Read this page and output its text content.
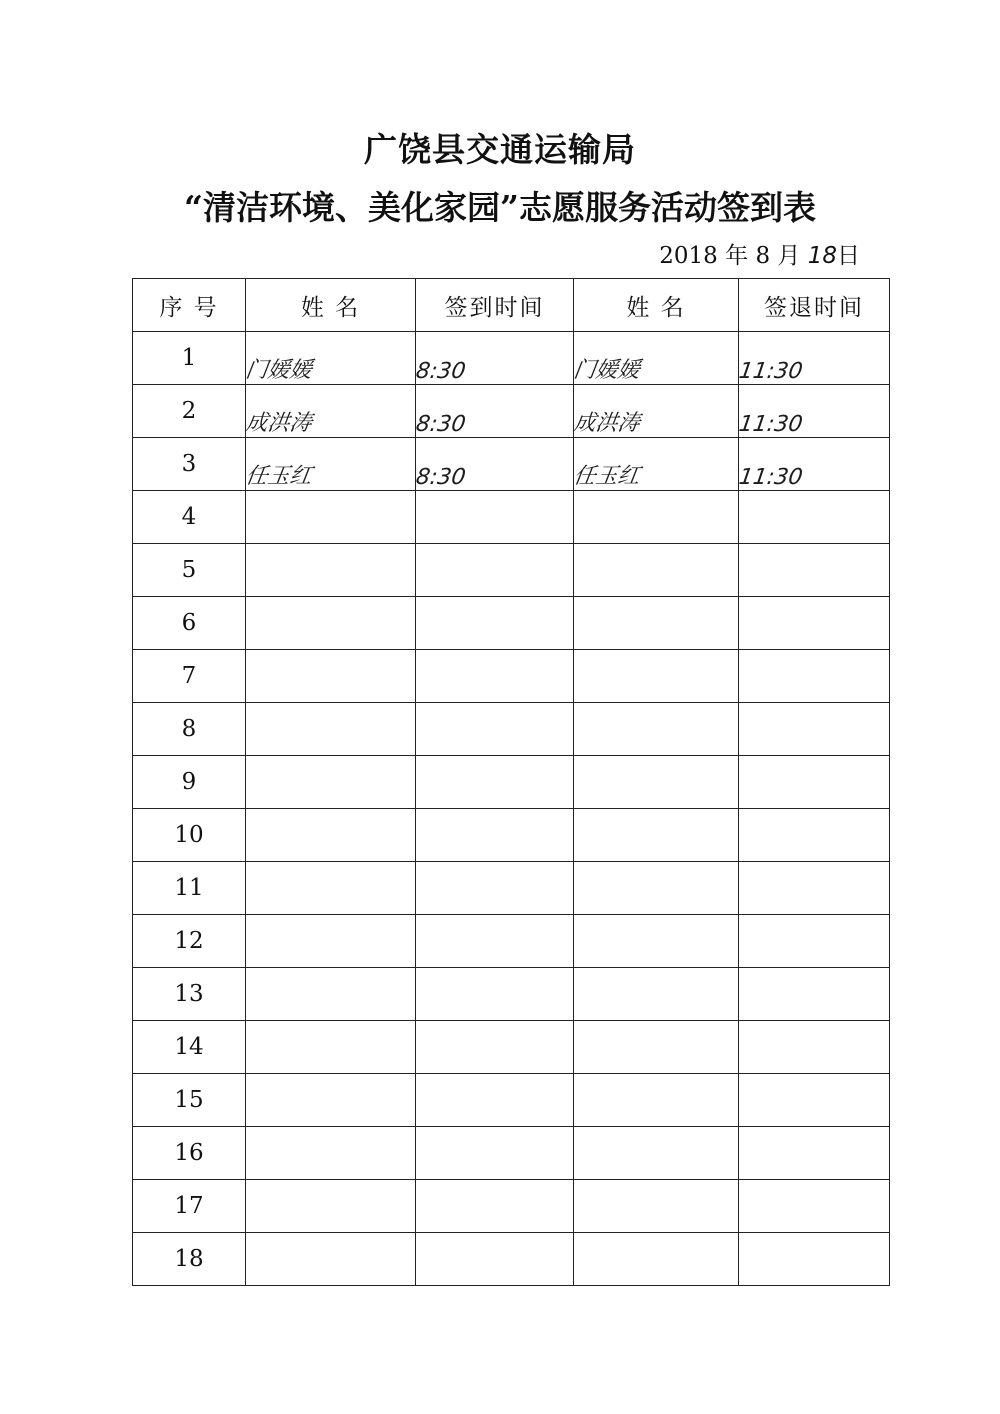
广饶县交通运输局
“清洁环境、美化家园”志愿服务活动签到表
2018 年 8 月 18日
序 号	姓 名	签到时间	姓 名	签退时间
1	门媛媛	8:30	门媛媛	11:30
2	成洪涛	8:30	成洪涛	11:30
3	任玉红	8:30	任玉红	11:30
4				
5				
6				
7				
8				
9				
10				
11				
12				
13				
14				
15				
16				
17				
18				
